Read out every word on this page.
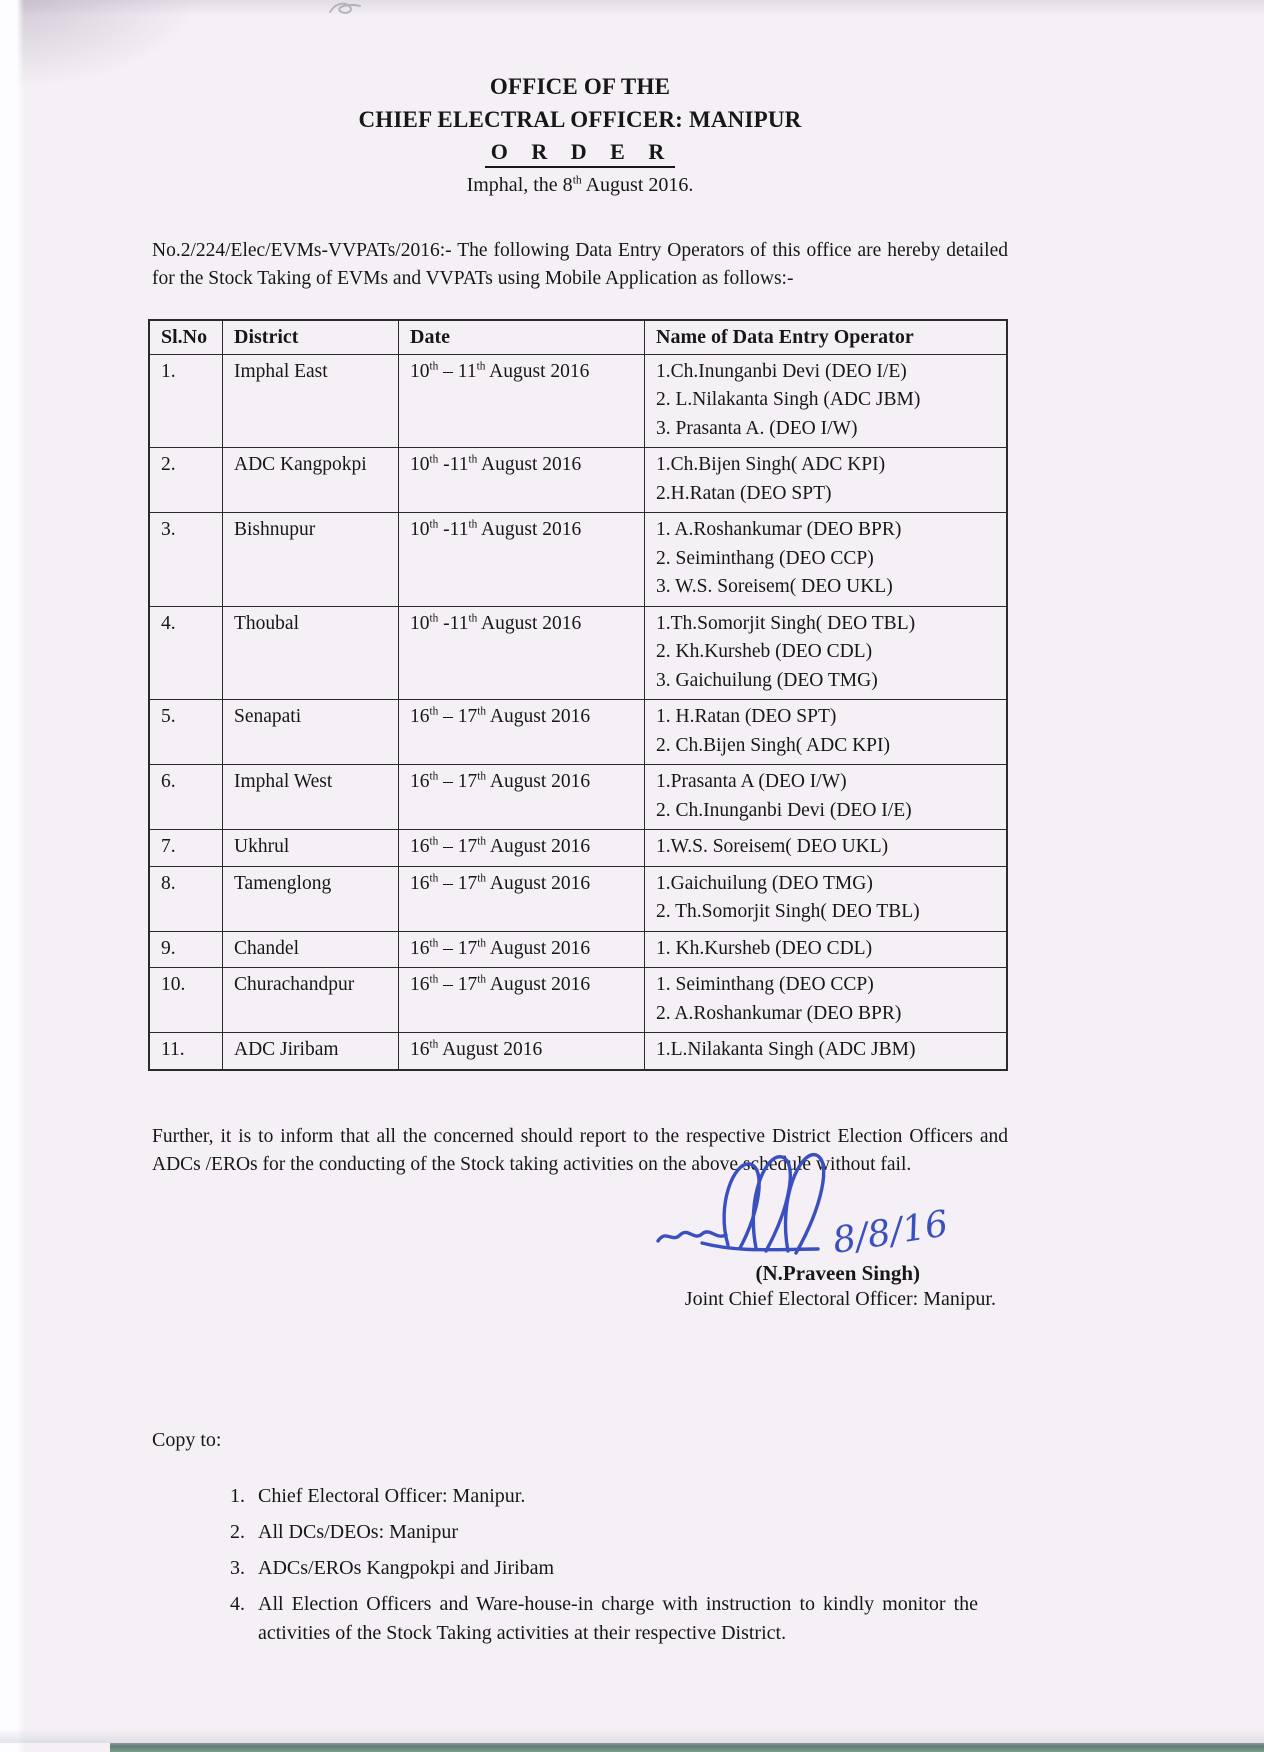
OFFICE OF THE
CHIEF ELECTRAL OFFICER: MANIPUR
O R D E R
Imphal, the 8th August 2016.
No.2/224/Elec/EVMs-VVPATs/2016:- The following Data Entry Operators of this office are hereby detailed for the Stock Taking of EVMs and VVPATs using Mobile Application as follows:-
Sl.No	District	Date	Name of Data Entry Operator
1.	Imphal East	10th – 11th August 2016	1.Ch.Inunganbi Devi (DEO I/E)
2. L.Nilakanta Singh (ADC JBM)
3. Prasanta A. (DEO I/W)

2.	ADC Kangpokpi	10th -11th August 2016	1.Ch.Bijen Singh( ADC KPI)
2.H.Ratan (DEO SPT)

3.	Bishnupur	10th -11th August 2016	1. A.Roshankumar (DEO BPR)
2. Seiminthang (DEO CCP)
3. W.S. Soreisem( DEO UKL)

4.	Thoubal	10th -11th August 2016	1.Th.Somorjit Singh( DEO TBL)
2. Kh.Kursheb (DEO CDL)
3. Gaichuilung (DEO TMG)

5.	Senapati	16th – 17th August 2016	1. H.Ratan (DEO SPT)
2. Ch.Bijen Singh( ADC KPI)

6.	Imphal West	16th – 17th August 2016	1.Prasanta A (DEO I/W)
2. Ch.Inunganbi Devi (DEO I/E)

7.	Ukhrul	16th – 17th August 2016	1.W.S. Soreisem( DEO UKL)

8.	Tamenglong	16th – 17th August 2016	1.Gaichuilung (DEO TMG)
2. Th.Somorjit Singh( DEO TBL)

9.	Chandel	16th – 17th August 2016	1. Kh.Kursheb (DEO CDL)

10.	Churachandpur	16th – 17th August 2016	1. Seiminthang (DEO CCP)
2. A.Roshankumar (DEO BPR)

11.	ADC Jiribam	16th August 2016	1.L.Nilakanta Singh (ADC JBM)
Further, it is to inform that all the concerned should report to the respective District Election Officers and ADCs /EROs for the conducting of the Stock taking activities on the above schedule without fail.
8/8/16
(N.Praveen Singh)
Joint Chief Electoral Officer: Manipur.
Copy to:
1. Chief Electoral Officer: Manipur.
2. All DCs/DEOs: Manipur
3. ADCs/EROs Kangpokpi and Jiribam
4. All Election Officers and Ware-house-in charge with instruction to kindly monitor the activities of the Stock Taking activities at their respective District.
